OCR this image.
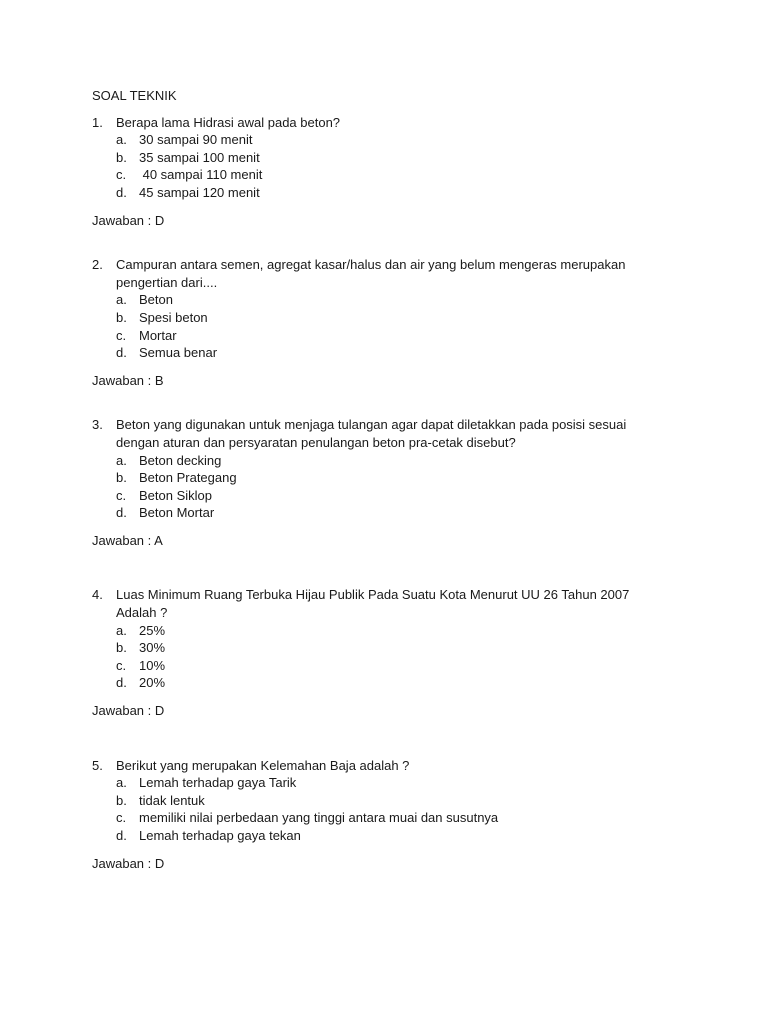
SOAL TEKNIK
1.	Berapa lama Hidrasi awal pada beton?
a. 30 sampai 90 menit
b. 35 sampai 100 menit
c. 40 sampai 110 menit
d. 45 sampai 120 menit
Jawaban : D
2.	Campuran antara semen, agregat kasar/halus dan air yang belum mengeras merupakan pengertian dari....
a. Beton
b. Spesi beton
c. Mortar
d. Semua benar
Jawaban : B
3.	Beton yang digunakan untuk menjaga tulangan agar dapat diletakkan pada posisi sesuai dengan aturan dan persyaratan penulangan beton pra-cetak disebut?
a. Beton decking
b. Beton Prategang
c. Beton Siklop
d. Beton Mortar
Jawaban : A
4.	Luas Minimum Ruang Terbuka Hijau Publik Pada Suatu Kota Menurut UU 26 Tahun 2007 Adalah ?
a. 25%
b. 30%
c. 10%
d. 20%
Jawaban : D
5.	Berikut yang merupakan Kelemahan Baja adalah ?
a. Lemah terhadap gaya Tarik
b. tidak lentuk
c. memiliki nilai perbedaan yang tinggi antara muai dan susutnya
d. Lemah terhadap gaya tekan
Jawaban : D
